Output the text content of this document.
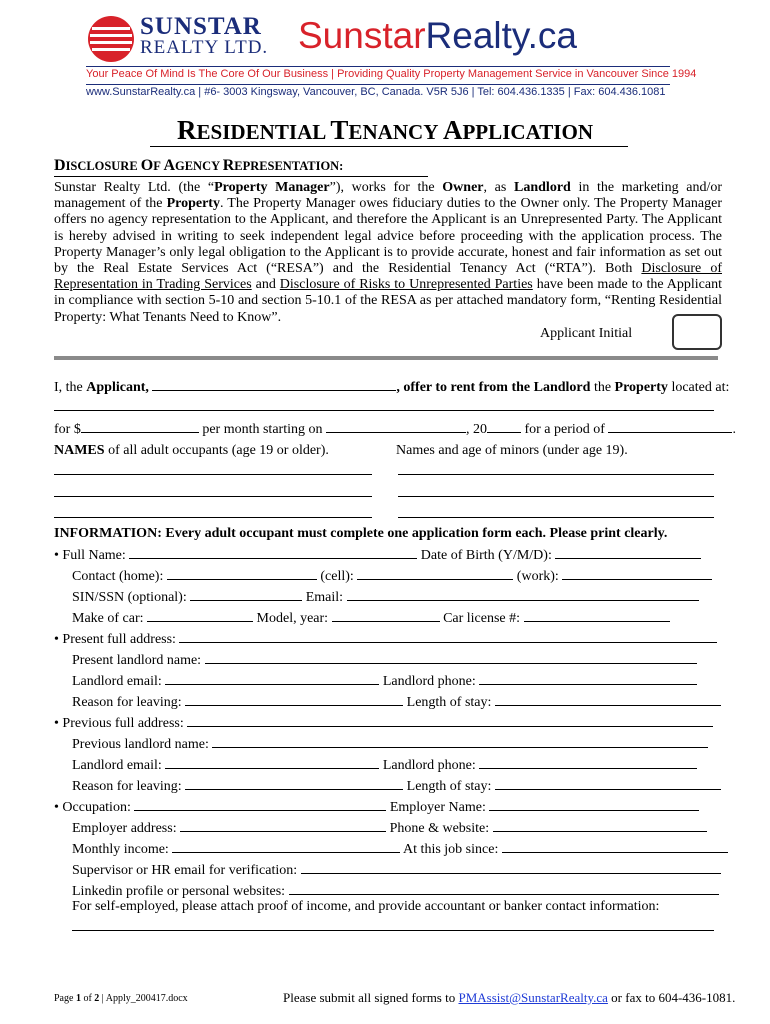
SUNSTAR
REALTY LTD. SunstarRealty.ca
Your Peace Of Mind Is The Core Of Our Business | Providing Quality Property Management Service in Vancouver Since 1994
www.SunstarRealty.ca | #6- 3003 Kingsway, Vancouver, BC, Canada. V5R 5J6 | Tel: 604.436.1335 | Fax: 604.436.1081
RESIDENTIAL TENANCY APPLICATION
DISCLOSURE OF AGENCY REPRESENTATION:
Sunstar Realty Ltd. (the “Property Manager”), works for the Owner, as Landlord in the marketing and/or management of the Property. The Property Manager owes fiduciary duties to the Owner only. The Property Manager offers no agency representation to the Applicant, and therefore the Applicant is an Unrepresented Party. The Applicant is hereby advised in writing to seek independent legal advice before proceeding with the application process. The Property Manager’s only legal obligation to the Applicant is to provide accurate, honest and fair information as set out by the Real Estate Services Act (“RESA”) and the Residential Tenancy Act (“RTA”). Both Disclosure of Representation in Trading Services and Disclosure of Risks to Unrepresented Parties have been made to the Applicant in compliance with section 5-10 and section 5-10.1 of the RESA as per attached mandatory form, “Renting Residential Property: What Tenants Need to Know”.
Applicant Initial
I, the Applicant,	, offer to rent from the Landlord the Property located at:
for $	per month starting on	, 20 for a period of	.
NAMES of all adult occupants (age 19 or older).	Names and age of minors (under age 19).
INFORMATION: Every adult occupant must complete one application form each. Please print clearly.
• Full Name:	Date of Birth (Y/M/D):
Contact (home):	(cell):	(work):
SIN/SSN (optional):	Email:
Make of car:	Model, year:	Car license #:
• Present full address:
Present landlord name:
Landlord email:	Landlord phone:
Reason for leaving:	Length of stay:
• Previous full address:
Previous landlord name:
Landlord email:	Landlord phone:
Reason for leaving:	Length of stay:
• Occupation:	Employer Name:
Employer address:	Phone & website:
Monthly income:	At this job since:
Supervisor or HR email for verification:
Linkedin profile or personal websites:
For self-employed, please attach proof of income, and provide accountant or banker contact information:
Page 1 of 2 | Apply_200417.docx	Please submit all signed forms to PMAssist@SunstarRealty.ca or fax to 604-436-1081.
